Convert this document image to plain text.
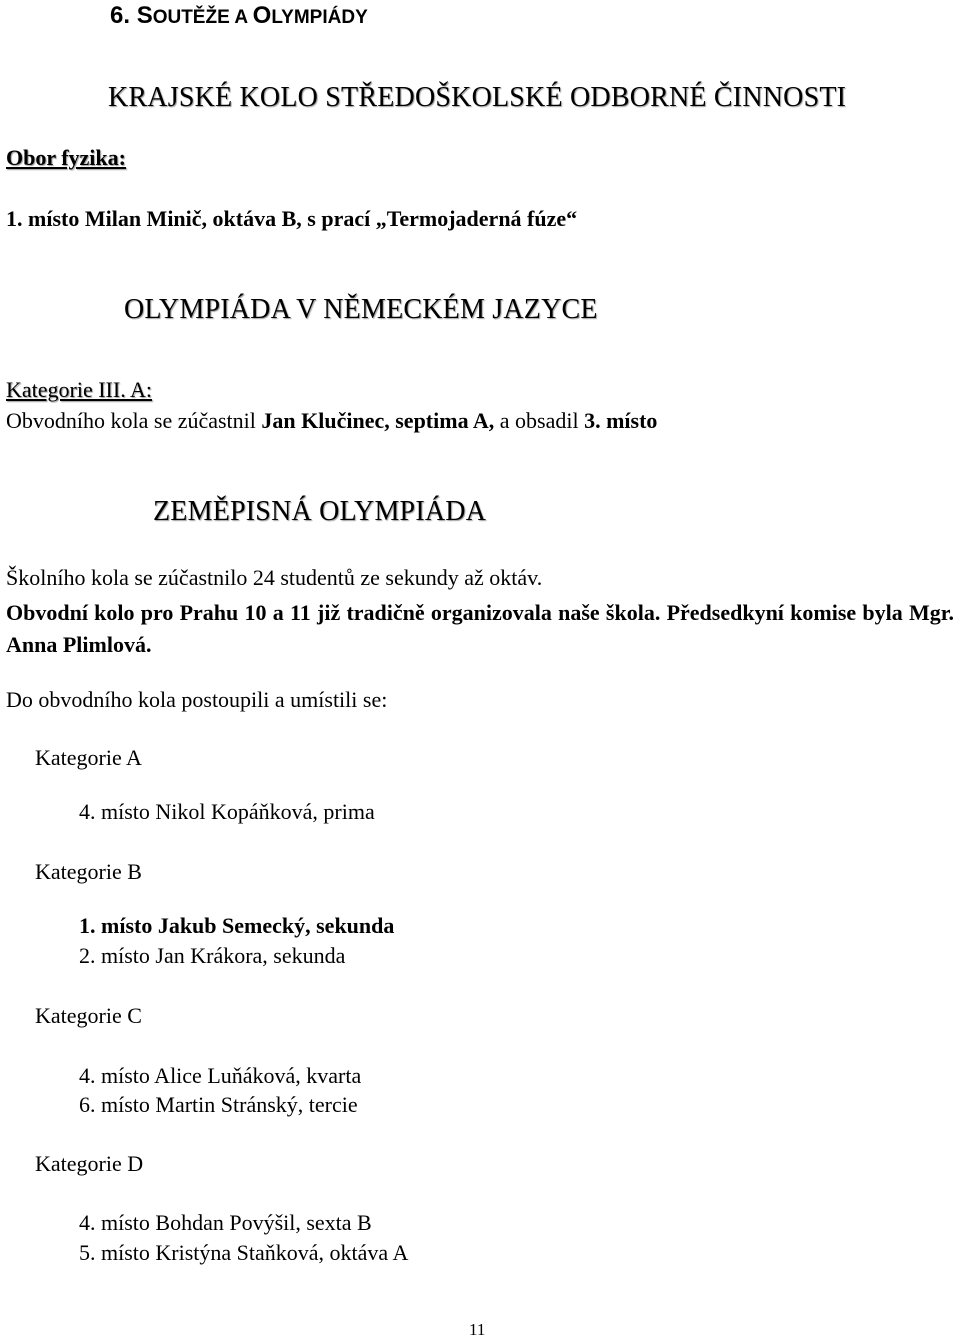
6. SOUTĚŽE A OLYMPIÁDY
KRAJSKÉ KOLO STŘEDOŠKOLSKÉ ODBORNÉ ČINNOSTI
Obor fyzika:
1. místo Milan Minič, oktáva B, s prací „Termojaderná fúze“
OLYMPIÁDA V NĚMECKÉM JAZYCE
Kategorie III. A:
Obvodního kola se zúčastnil Jan Klučinec, septima A, a obsadil 3. místo
ZEMĚPISNÁ OLYMPIÁDA
Školního kola se zúčastnilo 24 studentů ze sekundy až oktáv.
Obvodní kolo pro Prahu 10 a 11 již tradičně organizovala naše škola. Předsedkyní komise byla Mgr. Anna Plimlová.
Do obvodního kola postoupili a umístili se:
Kategorie A
4. místo Nikol Kopáňková, prima
Kategorie B
1. místo Jakub Semecký, sekunda
2. místo Jan Krákora, sekunda
Kategorie C
4. místo Alice Luňáková, kvarta
6. místo Martin Stránský, tercie
Kategorie D
4. místo Bohdan Povýšil, sexta B
5. místo Kristýna Staňková, oktáva A
11
